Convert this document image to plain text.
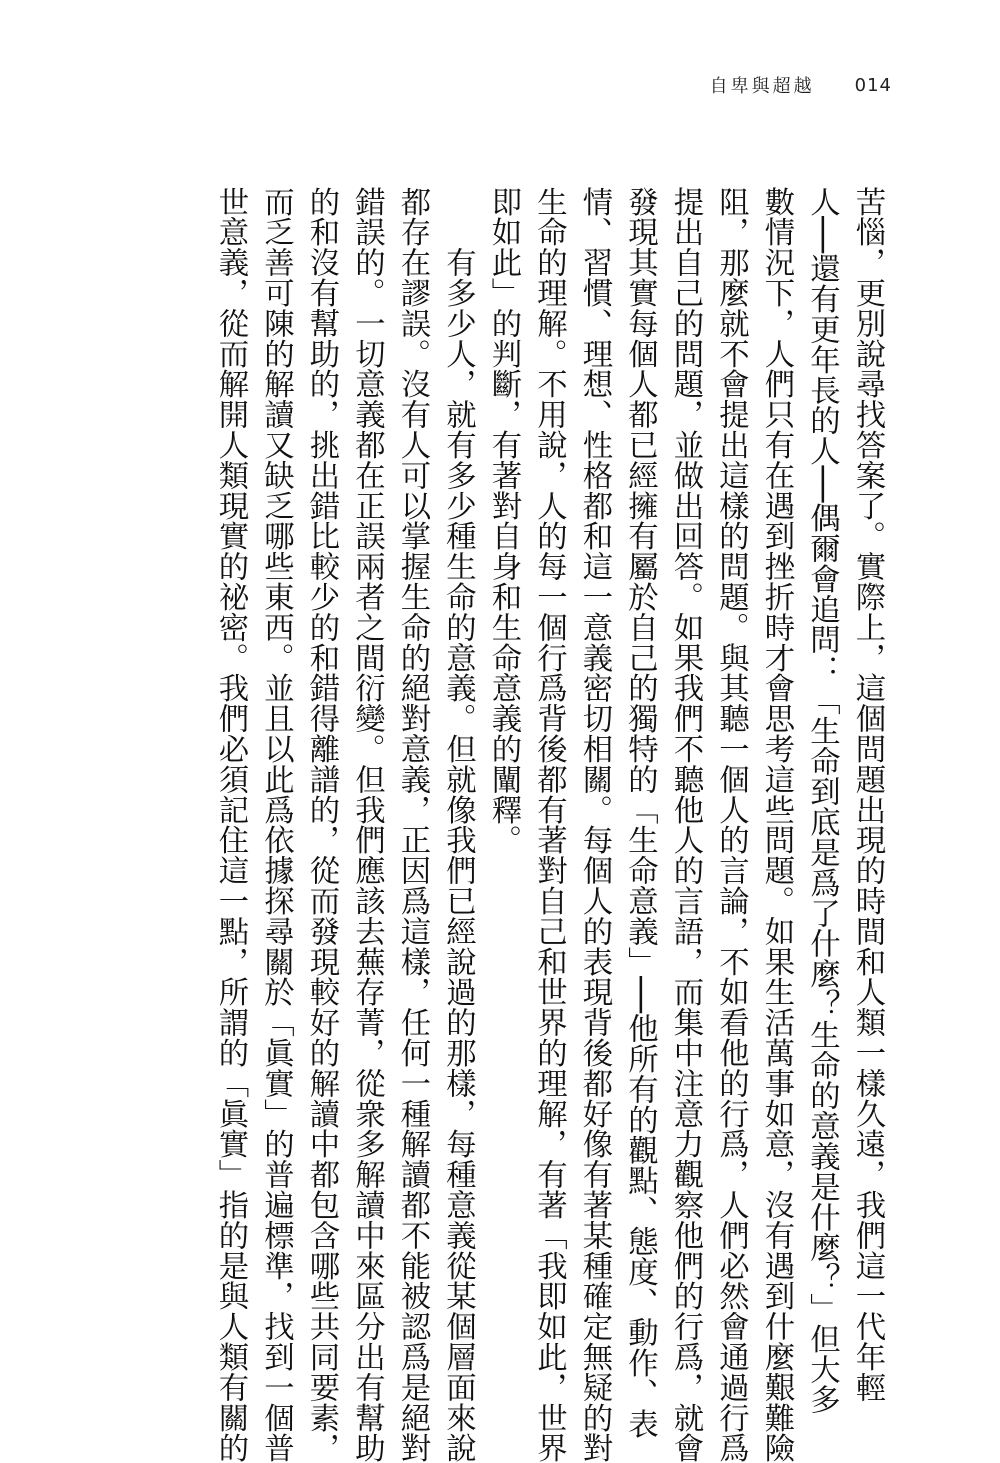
自卑與超越 014

苦惱，更別說尋找答案了。實際上，這個問題出現的時間和人類一樣久遠，我們這一代年輕

人──還有更年長的人──偶爾會追問：「生命到底是爲了什麼？生命的意義是什麼？」但大多

數情況下，人們只有在遇到挫折時才會思考這些問題。如果生活萬事如意，沒有遇到什麼艱難險

阻，那麼就不會提出這樣的問題。與其聽一個人的言論，不如看他的行爲，人們必然會通過行爲

提出自己的問題，並做出回答。如果我們不聽他人的言語，而集中注意力觀察他們的行爲，就會

發現其實每個人都已經擁有屬於自己的獨特的「生命意義」──他所有的觀點、態度、動作、表

情、習慣、理想、性格都和這一意義密切相關。每個人的表現背後都好像有著某種確定無疑的對

生命的理解。不用說，人的每一個行爲背後都有著對自己和世界的理解，有著「我即如此，世界

即如此」的判斷，有著對自身和生命意義的闡釋。

　　有多少人，就有多少種生命的意義。但就像我們已經說過的那樣，每種意義從某個層面來說

都存在謬誤。沒有人可以掌握生命的絕對意義，正因爲這樣，任何一種解讀都不能被認爲是絕對

錯誤的。一切意義都在正誤兩者之間衍變。但我們應該去蕪存菁，從衆多解讀中來區分出有幫助

的和沒有幫助的，挑出錯比較少的和錯得離譜的，從而發現較好的解讀中都包含哪些共同要素，

而乏善可陳的解讀又缺乏哪些東西。並且以此爲依據探尋關於「眞實」的普遍標準，找到一個普

世意義，從而解開人類現實的祕密。我們必須記住這一點，所謂的「眞實」指的是與人類有關的
